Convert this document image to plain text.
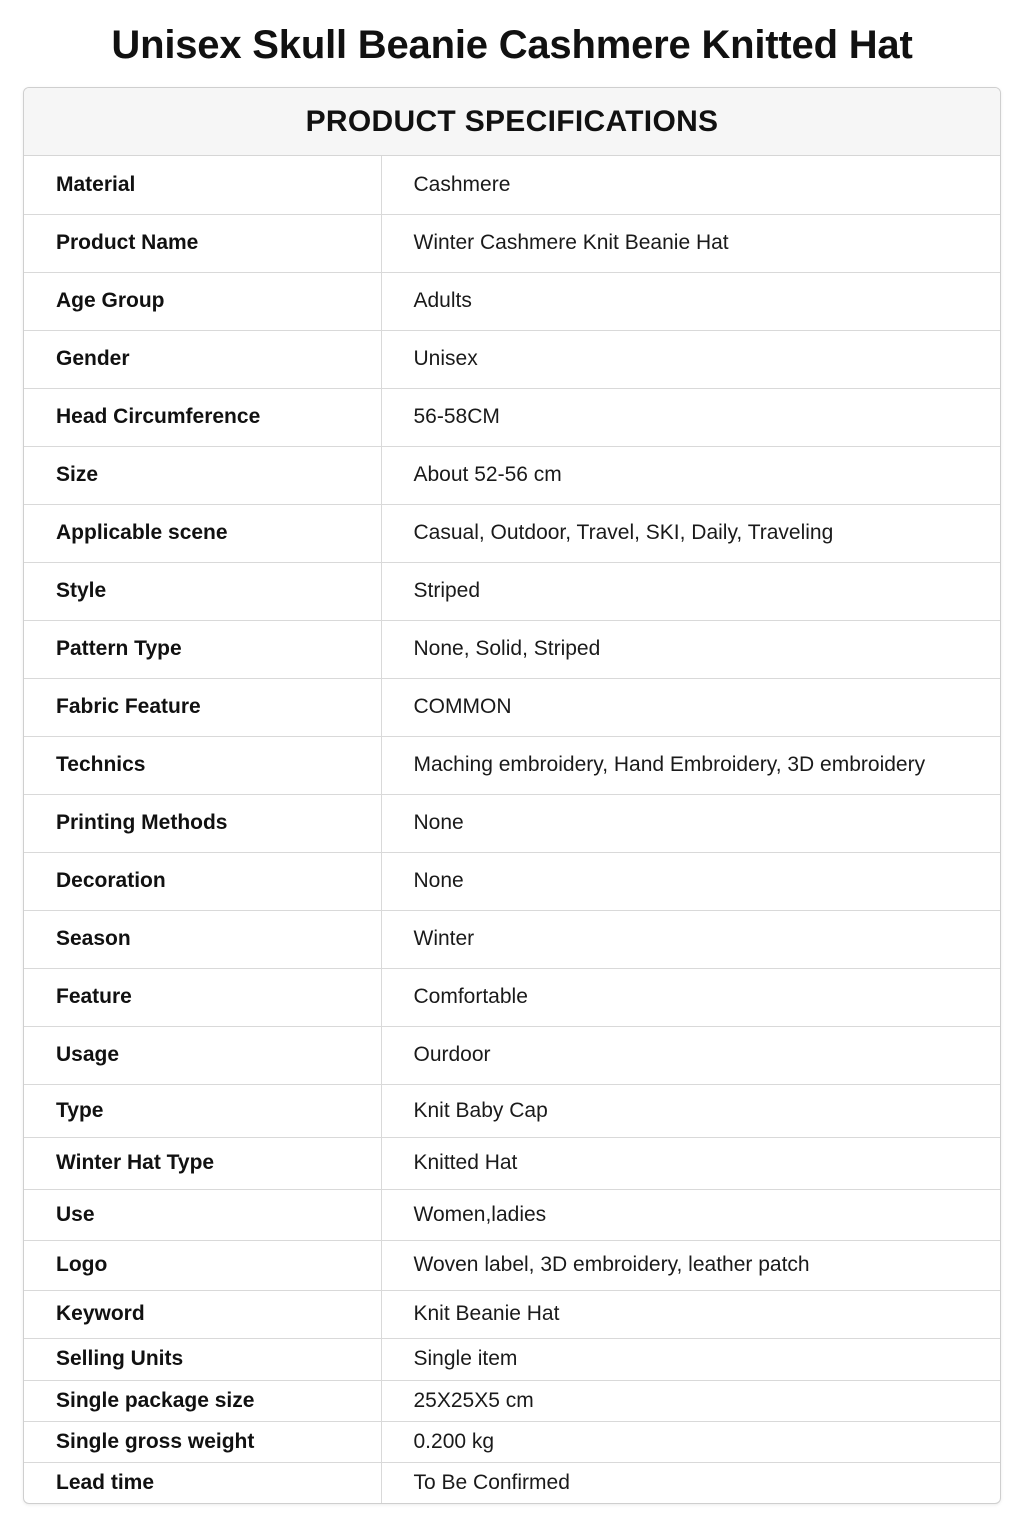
Unisex Skull Beanie Cashmere Knitted Hat
PRODUCT SPECIFICATIONS
Material	Cashmere
Product Name	Winter Cashmere Knit Beanie Hat
Age Group	Adults
Gender	Unisex
Head Circumference	56-58CM
Size	About 52-56 cm
Applicable scene	Casual, Outdoor, Travel, SKI, Daily, Traveling
Style	Striped
Pattern Type	None, Solid, Striped
Fabric Feature	COMMON
Technics	Maching embroidery, Hand Embroidery, 3D embroidery
Printing Methods	None
Decoration	None
Season	Winter
Feature	Comfortable
Usage	Ourdoor
Type	Knit Baby Cap
Winter Hat Type	Knitted Hat
Use	Women,ladies
Logo	Woven label, 3D embroidery, leather patch
Keyword	Knit Beanie Hat
Selling Units	Single item
Single package size	25X25X5 cm
Single gross weight	0.200 kg
Lead time	To Be Confirmed
